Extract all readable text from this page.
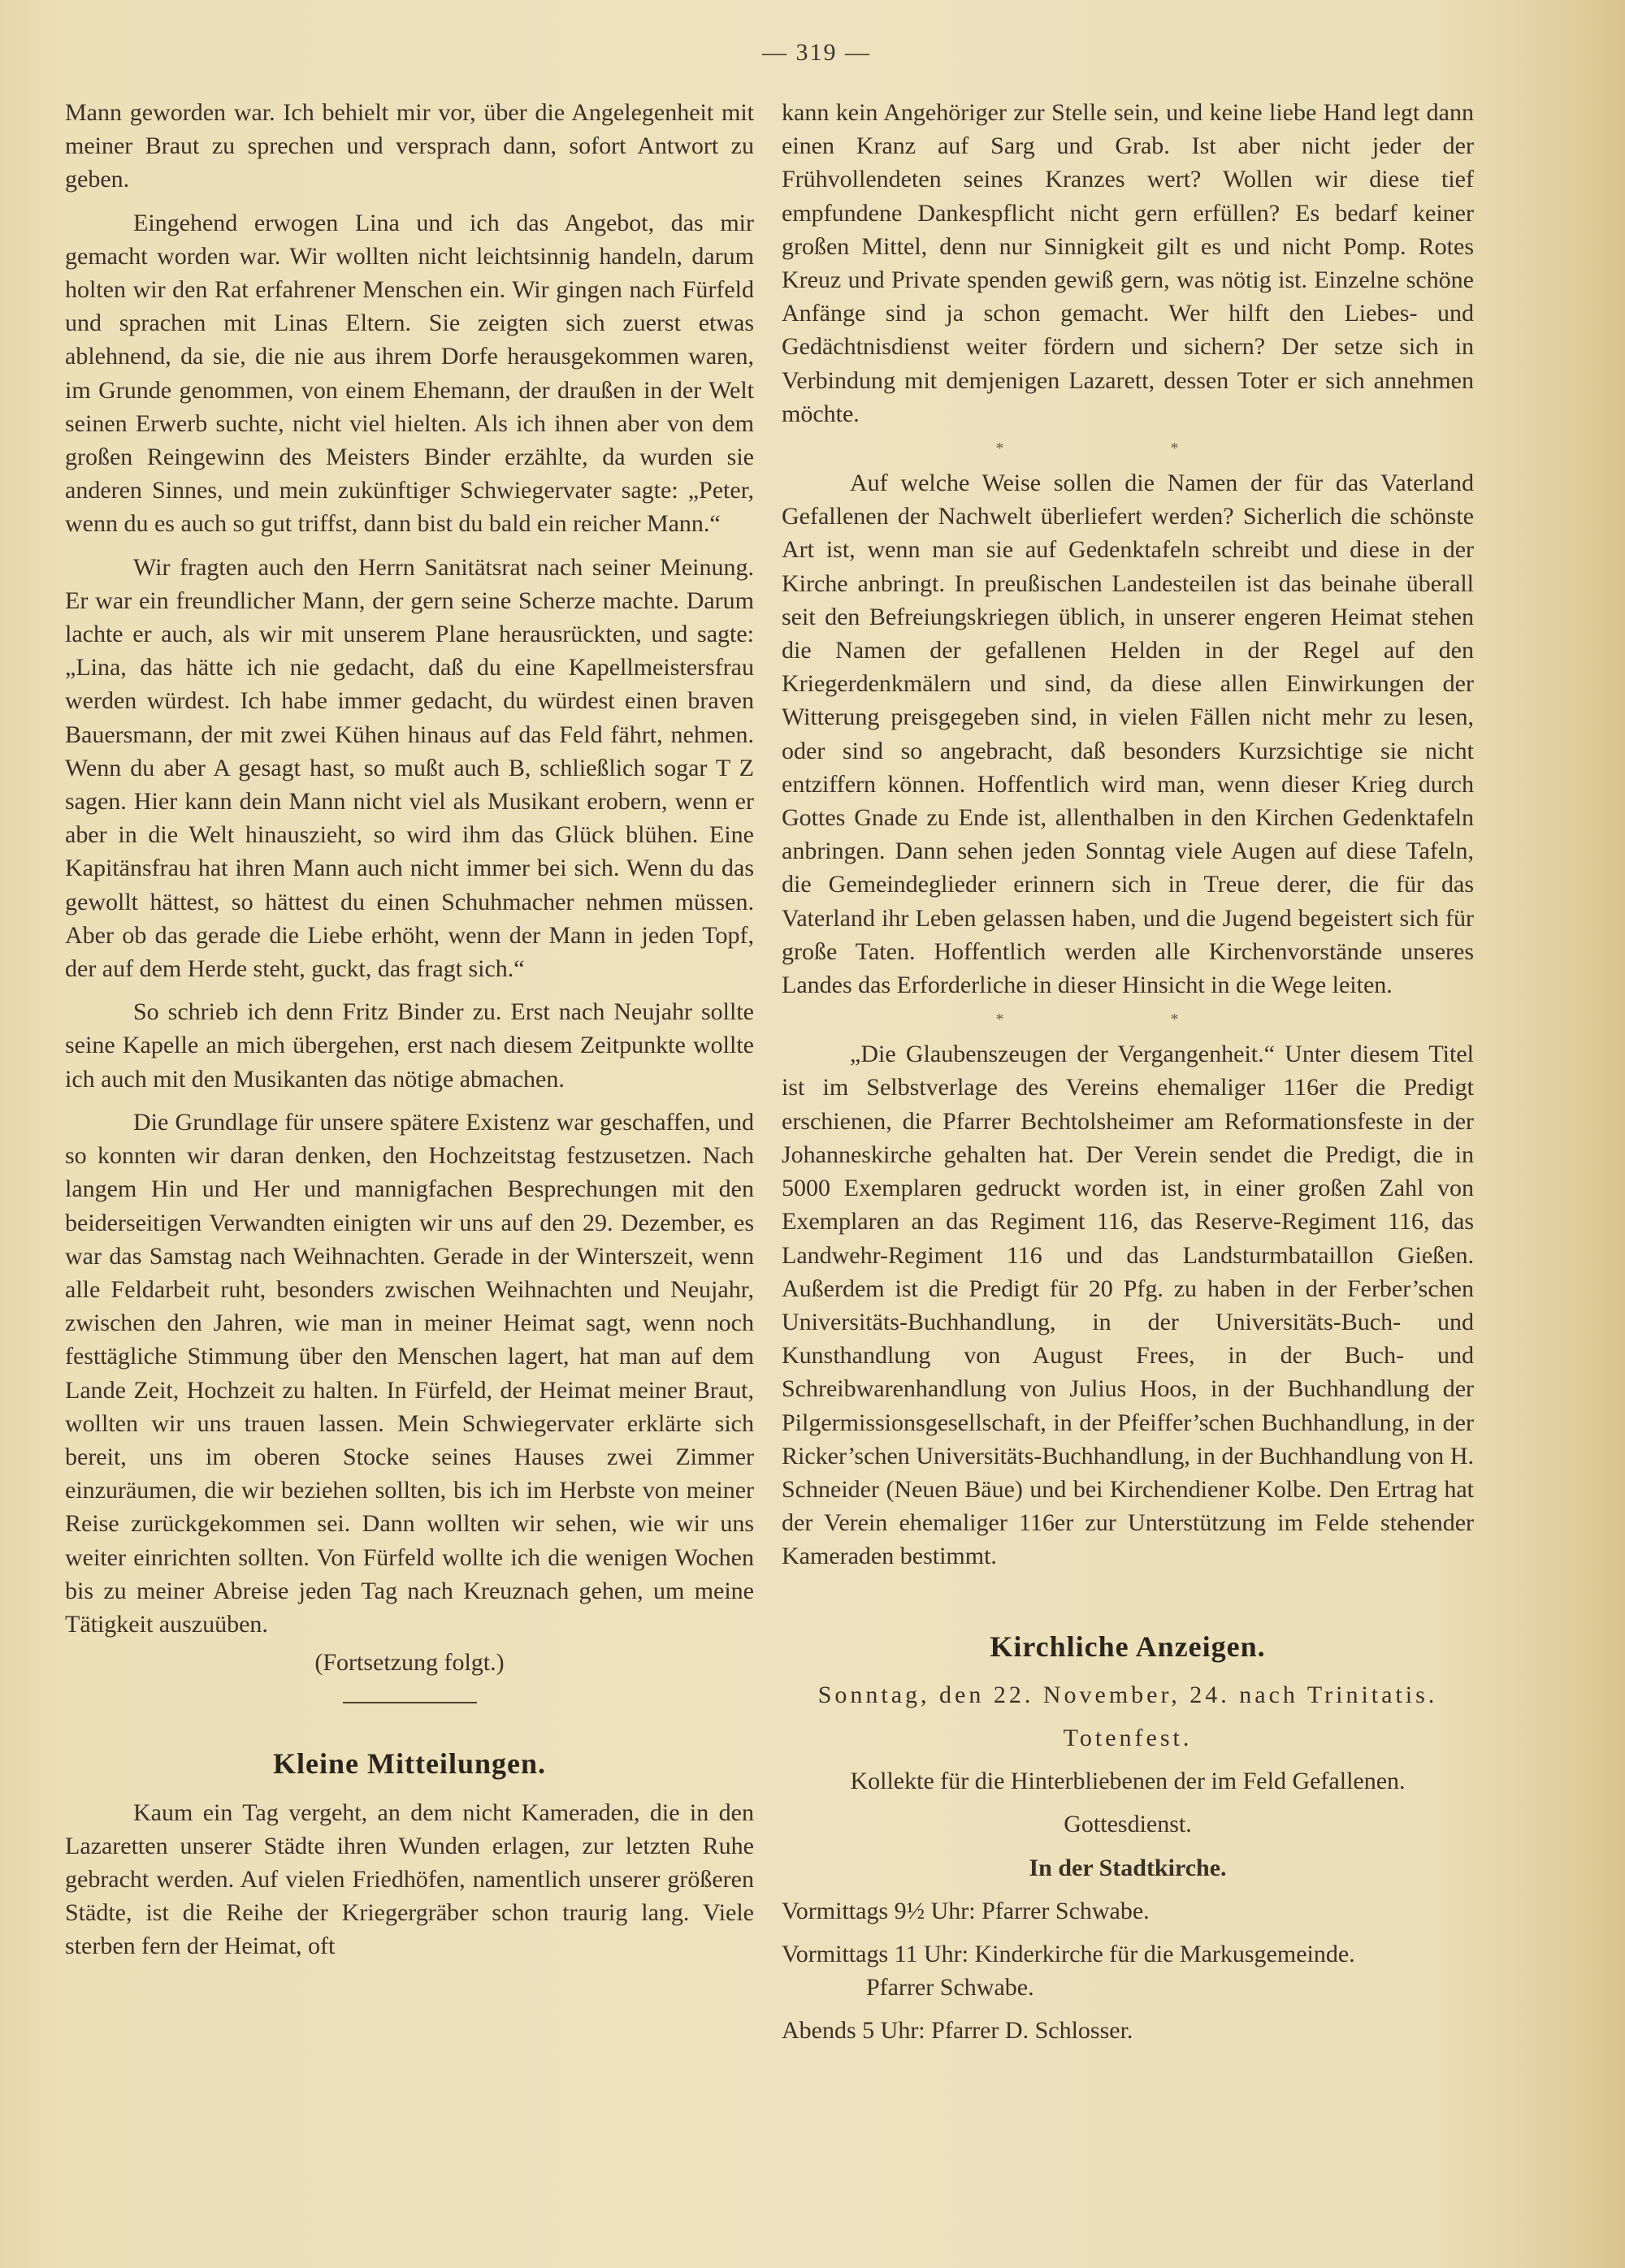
— 319 —

Mann geworden war. Ich behielt mir vor, über die Angelegenheit mit meiner Braut zu sprechen und versprach dann, sofort Antwort zu geben.

Eingehend erwogen Lina und ich das Angebot, das mir gemacht worden war. Wir wollten nicht leichtsinnig handeln, darum holten wir den Rat erfahrener Menschen ein. Wir gingen nach Fürfeld und sprachen mit Linas Eltern. Sie zeigten sich zuerst etwas ablehnend, da sie, die nie aus ihrem Dorfe herausgekommen waren, im Grunde genommen, von einem Ehemann, der draußen in der Welt seinen Erwerb suchte, nicht viel hielten. Als ich ihnen aber von dem großen Reingewinn des Meisters Binder erzählte, da wurden sie anderen Sinnes, und mein zukünftiger Schwiegervater sagte: „Peter, wenn du es auch so gut triffst, dann bist du bald ein reicher Mann.“

Wir fragten auch den Herrn Sanitätsrat nach seiner Meinung. Er war ein freundlicher Mann, der gern seine Scherze machte. Darum lachte er auch, als wir mit unserem Plane herausrückten, und sagte: „Lina, das hätte ich nie gedacht, daß du eine Kapellmeistersfrau werden würdest. Ich habe immer gedacht, du würdest einen braven Bauersmann, der mit zwei Kühen hinaus auf das Feld fährt, nehmen. Wenn du aber A gesagt hast, so mußt auch B, schließlich sogar T Z sagen. Hier kann dein Mann nicht viel als Musikant erobern, wenn er aber in die Welt hinauszieht, so wird ihm das Glück blühen. Eine Kapitänsfrau hat ihren Mann auch nicht immer bei sich. Wenn du das gewollt hättest, so hättest du einen Schuhmacher nehmen müssen. Aber ob das gerade die Liebe erhöht, wenn der Mann in jeden Topf, der auf dem Herde steht, guckt, das fragt sich.“

So schrieb ich denn Fritz Binder zu. Erst nach Neujahr sollte seine Kapelle an mich übergehen, erst nach diesem Zeitpunkte wollte ich auch mit den Musikanten das nötige abmachen.

Die Grundlage für unsere spätere Existenz war geschaffen, und so konnten wir daran denken, den Hochzeitstag festzusetzen. Nach langem Hin und Her und mannigfachen Besprechungen mit den beiderseitigen Verwandten einigten wir uns auf den 29. Dezember, es war das Samstag nach Weihnachten. Gerade in der Winterszeit, wenn alle Feldarbeit ruht, besonders zwischen Weihnachten und Neujahr, zwischen den Jahren, wie man in meiner Heimat sagt, wenn noch festtägliche Stimmung über den Menschen lagert, hat man auf dem Lande Zeit, Hochzeit zu halten. In Fürfeld, der Heimat meiner Braut, wollten wir uns trauen lassen. Mein Schwiegervater erklärte sich bereit, uns im oberen Stocke seines Hauses zwei Zimmer einzuräumen, die wir beziehen sollten, bis ich im Herbste von meiner Reise zurückgekommen sei. Dann wollten wir sehen, wie wir uns weiter einrichten sollten. Von Fürfeld wollte ich die wenigen Wochen bis zu meiner Abreise jeden Tag nach Kreuznach gehen, um meine Tätigkeit auszuüben.

(Fortsetzung folgt.)

Kleine Mitteilungen.

Kaum ein Tag vergeht, an dem nicht Kameraden, die in den Lazaretten unserer Städte ihren Wunden erlagen, zur letzten Ruhe gebracht werden. Auf vielen Friedhöfen, namentlich unserer größeren Städte, ist die Reihe der Kriegergräber schon traurig lang. Viele sterben fern der Heimat, oft

kann kein Angehöriger zur Stelle sein, und keine liebe Hand legt dann einen Kranz auf Sarg und Grab. Ist aber nicht jeder der Frühvollendeten seines Kranzes wert? Wollen wir diese tief empfundene Dankespflicht nicht gern erfüllen? Es bedarf keiner großen Mittel, denn nur Sinnigkeit gilt es und nicht Pomp. Rotes Kreuz und Private spenden gewiß gern, was nötig ist. Einzelne schöne Anfänge sind ja schon gemacht. Wer hilft den Liebes- und Gedächtnisdienst weiter fördern und sichern? Der setze sich in Verbindung mit demjenigen Lazarett, dessen Toter er sich annehmen möchte.

* *

Auf welche Weise sollen die Namen der für das Vaterland Gefallenen der Nachwelt überliefert werden? Sicherlich die schönste Art ist, wenn man sie auf Gedenktafeln schreibt und diese in der Kirche anbringt. In preußischen Landesteilen ist das beinahe überall seit den Befreiungskriegen üblich, in unserer engeren Heimat stehen die Namen der gefallenen Helden in der Regel auf den Kriegerdenkmälern und sind, da diese allen Einwirkungen der Witterung preisgegeben sind, in vielen Fällen nicht mehr zu lesen, oder sind so angebracht, daß besonders Kurzsichtige sie nicht entziffern können. Hoffentlich wird man, wenn dieser Krieg durch Gottes Gnade zu Ende ist, allenthalben in den Kirchen Gedenktafeln anbringen. Dann sehen jeden Sonntag viele Augen auf diese Tafeln, die Gemeindeglieder erinnern sich in Treue derer, die für das Vaterland ihr Leben gelassen haben, und die Jugend begeistert sich für große Taten. Hoffentlich werden alle Kirchenvorstände unseres Landes das Erforderliche in dieser Hinsicht in die Wege leiten.

* *

„Die Glaubenszeugen der Vergangenheit.“ Unter diesem Titel ist im Selbstverlage des Vereins ehemaliger 116er die Predigt erschienen, die Pfarrer Bechtolsheimer am Reformationsfeste in der Johanneskirche gehalten hat. Der Verein sendet die Predigt, die in 5000 Exemplaren gedruckt worden ist, in einer großen Zahl von Exemplaren an das Regiment 116, das Reserve-Regiment 116, das Landwehr-Regiment 116 und das Landsturmbataillon Gießen. Außerdem ist die Predigt für 20 Pfg. zu haben in der Ferber’schen Universitäts-Buchhandlung, in der Universitäts-Buch- und Kunsthandlung von August Frees, in der Buch- und Schreibwarenhandlung von Julius Hoos, in der Buchhandlung der Pilgermissionsgesellschaft, in der Pfeiffer’schen Buchhandlung, in der Ricker’schen Universitäts-Buchhandlung, in der Buchhandlung von H. Schneider (Neuen Bäue) und bei Kirchendiener Kolbe. Den Ertrag hat der Verein ehemaliger 116er zur Unterstützung im Felde stehender Kameraden bestimmt.

Kirchliche Anzeigen.

Sonntag, den 22. November, 24. nach Trinitatis.

Totenfest.

Kollekte für die Hinterbliebenen der im Feld Gefallenen.

Gottesdienst.

In der Stadtkirche.

Vormittags 9½ Uhr: Pfarrer Schwabe.

Vormittags 11 Uhr: Kinderkirche für die Markusgemeinde.

Pfarrer Schwabe.

Abends 5 Uhr: Pfarrer D. Schlosser.
